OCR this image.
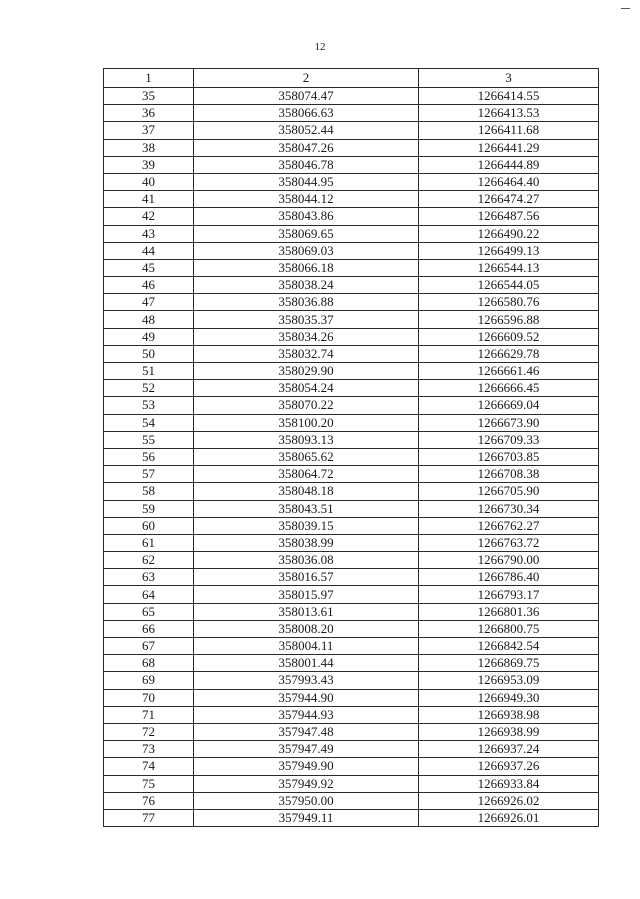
12
1	2	3
35	358074.47	1266414.55
36	358066.63	1266413.53
37	358052.44	1266411.68
38	358047.26	1266441.29
39	358046.78	1266444.89
40	358044.95	1266464.40
41	358044.12	1266474.27
42	358043.86	1266487.56
43	358069.65	1266490.22
44	358069.03	1266499.13
45	358066.18	1266544.13
46	358038.24	1266544.05
47	358036.88	1266580.76
48	358035.37	1266596.88
49	358034.26	1266609.52
50	358032.74	1266629.78
51	358029.90	1266661.46
52	358054.24	1266666.45
53	358070.22	1266669.04
54	358100.20	1266673.90
55	358093.13	1266709.33
56	358065.62	1266703.85
57	358064.72	1266708.38
58	358048.18	1266705.90
59	358043.51	1266730.34
60	358039.15	1266762.27
61	358038.99	1266763.72
62	358036.08	1266790.00
63	358016.57	1266786.40
64	358015.97	1266793.17
65	358013.61	1266801.36
66	358008.20	1266800.75
67	358004.11	1266842.54
68	358001.44	1266869.75
69	357993.43	1266953.09
70	357944.90	1266949.30
71	357944.93	1266938.98
72	357947.48	1266938.99
73	357947.49	1266937.24
74	357949.90	1266937.26
75	357949.92	1266933.84
76	357950.00	1266926.02
77	357949.11	1266926.01
